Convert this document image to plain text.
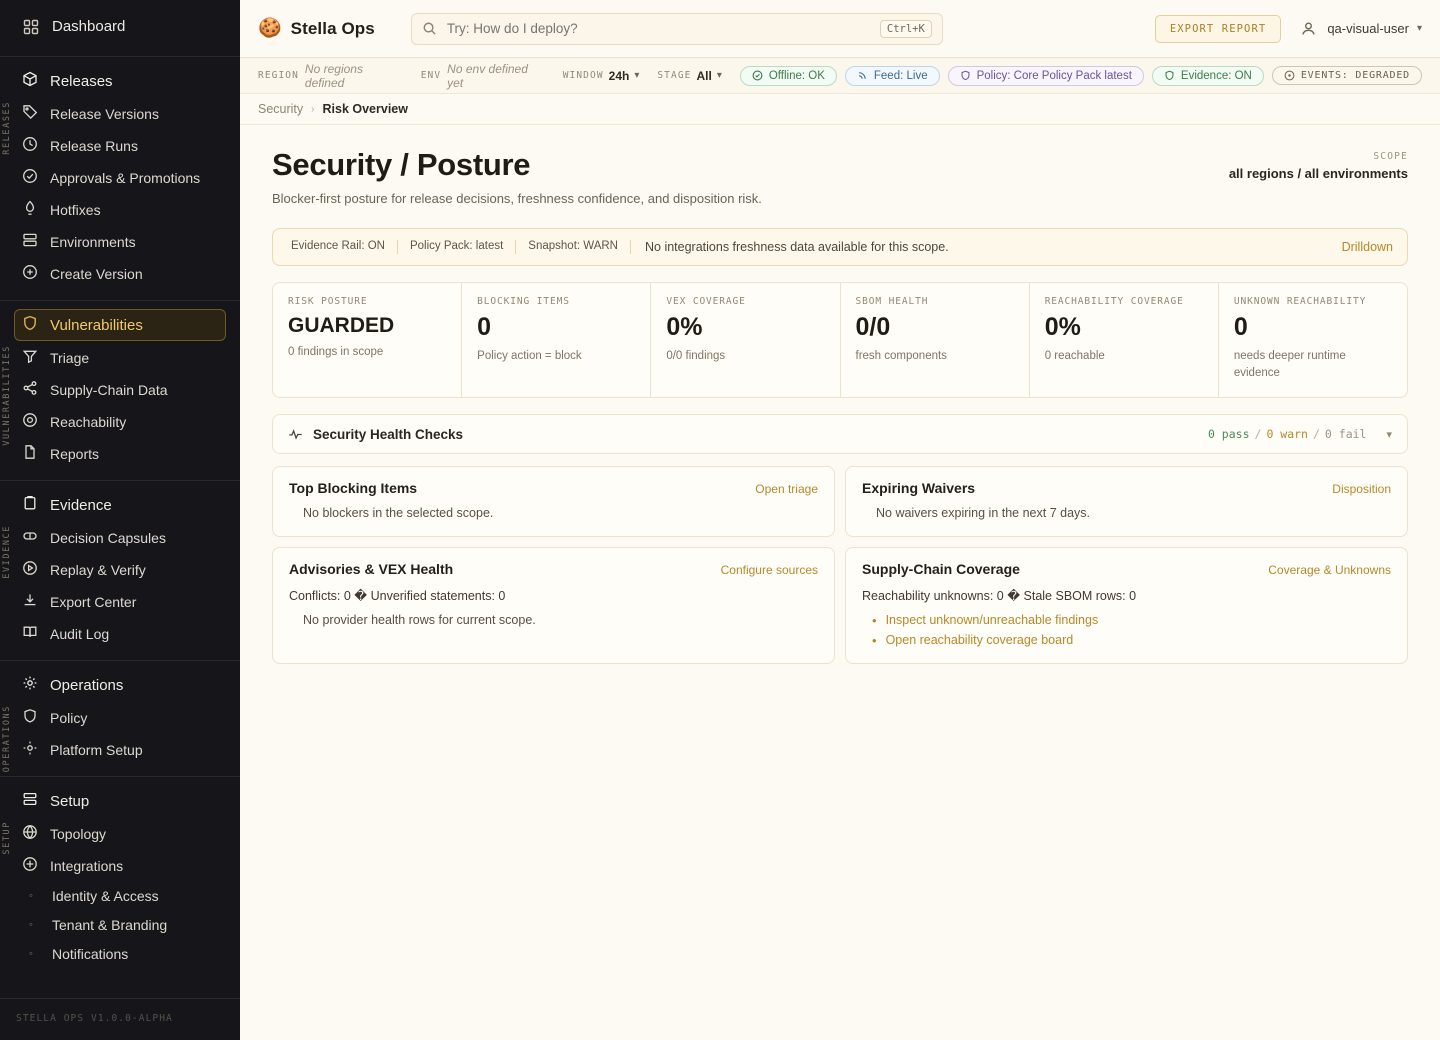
Dashboard
RELEASES
Releases
Release Versions
Release Runs
Approvals & Promotions
Hotfixes
Environments
Create Version
VULNERABILITIES
Vulnerabilities
Triage
Supply-Chain Data
Reachability
Reports
EVIDENCE
Evidence
Decision Capsules
Replay & Verify
Export Center
Audit Log
OPERATIONS
Operations
Policy
Platform Setup
SETUP
Setup
Topology
Integrations
◦	Identity & Access
◦	Tenant & Branding
◦	Notifications
STELLA OPS V1.0.0-ALPHA
🍪 Stella Ops
Try: How do I deploy?	Ctrl+K	EXPORT REPORT	qa-visual-user ▾
REGION No regions defined	ENV No env defined yet	WINDOW 24h ▾ STAGE All ▾	Offline: OK	Feed: Live	Policy: Core Policy Pack latest	Evidence: ON	EVENTS: DEGRADED
Security › Risk Overview
Security / Posture
Blocker-first posture for release decisions, freshness confidence, and disposition risk.
SCOPE
all regions / all environments
Evidence Rail: ON	Policy Pack: latest	Snapshot: WARN	No integrations freshness data available for this scope.	Drilldown
RISK POSTURE
GUARDED
0 findings in scope
BLOCKING ITEMS
0
Policy action = block
VEX COVERAGE
0%
0/0 findings
SBOM HEALTH
0/0
fresh components
REACHABILITY COVERAGE
0%
0 reachable
UNKNOWN REACHABILITY
0
needs deeper runtime evidence
Security Health Checks	0 pass / 0 warn / 0 fail ▾
Top Blocking Items	Open triage
No blockers in the selected scope.
Expiring Waivers	Disposition
No waivers expiring in the next 7 days.
Advisories & VEX Health	Configure sources
Conflicts: 0 � Unverified statements: 0
No provider health rows for current scope.
Supply-Chain Coverage	Coverage & Unknowns
Reachability unknowns: 0 � Stale SBOM rows: 0
• Inspect unknown/unreachable findings
• Open reachability coverage board
